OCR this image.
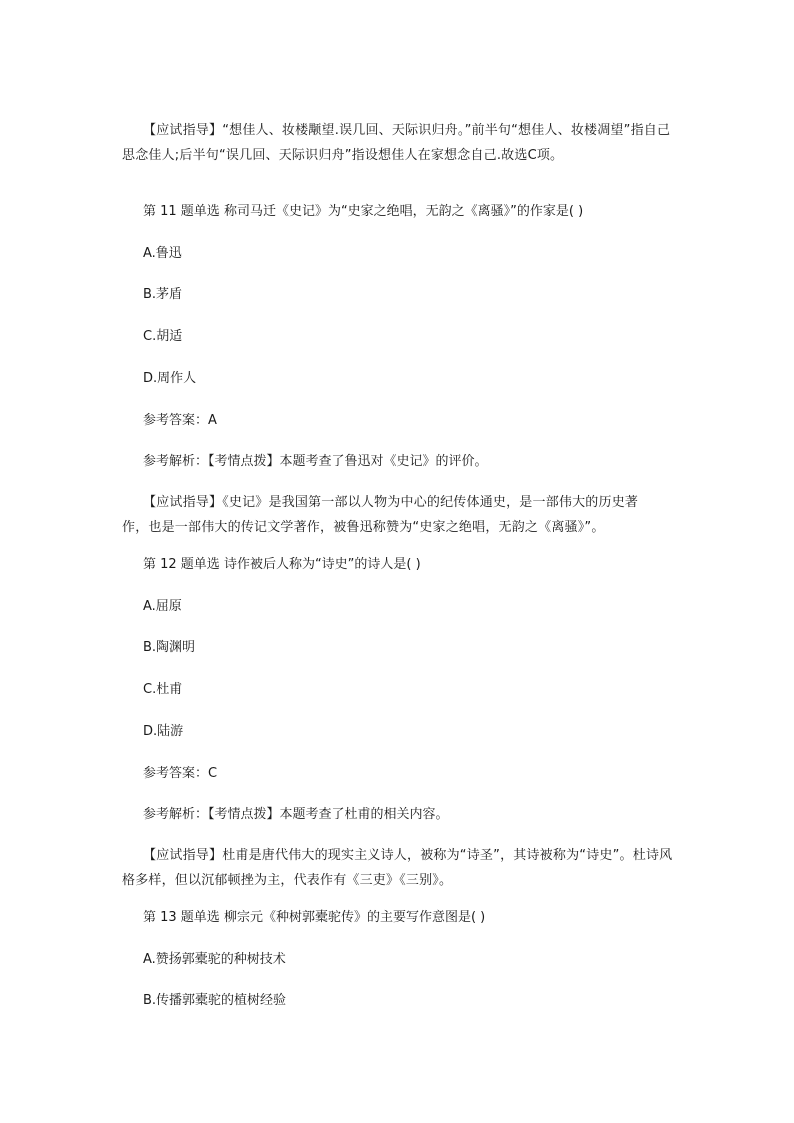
【应试指导】“想佳人、妆楼颙望.误几回、天际识归舟。”前半句“想佳人、妆楼凋望”指自己思念佳人;后半句“误几回、天际识归舟”指设想佳人在家想念自己.故选C项。

第 11 题单选 称司马迁《史记》为“史家之绝唱，无韵之《离骚》”的作家是( )

A.鲁迅

B.茅盾

C.胡适

D.周作人

参考答案：A

参考解析：【考情点拨】本题考查了鲁迅对《史记》的评价。

【应试指导】《史记》是我国第一部以人物为中心的纪传体通史，是一部伟大的历史著作，也是一部伟大的传记文学著作，被鲁迅称赞为“史家之绝唱，无韵之《离骚》”。

第 12 题单选 诗作被后人称为“诗史”的诗人是( )

A.屈原

B.陶渊明

C.杜甫

D.陆游

参考答案：C

参考解析：【考情点拨】本题考查了杜甫的相关内容。

【应试指导】杜甫是唐代伟大的现实主义诗人，被称为“诗圣”，其诗被称为“诗史”。杜诗风格多样，但以沉郁顿挫为主，代表作有《三吏》《三别》。

第 13 题单选 柳宗元《种树郭橐驼传》的主要写作意图是( )

A.赞扬郭橐驼的种树技术

B.传播郭橐驼的植树经验
